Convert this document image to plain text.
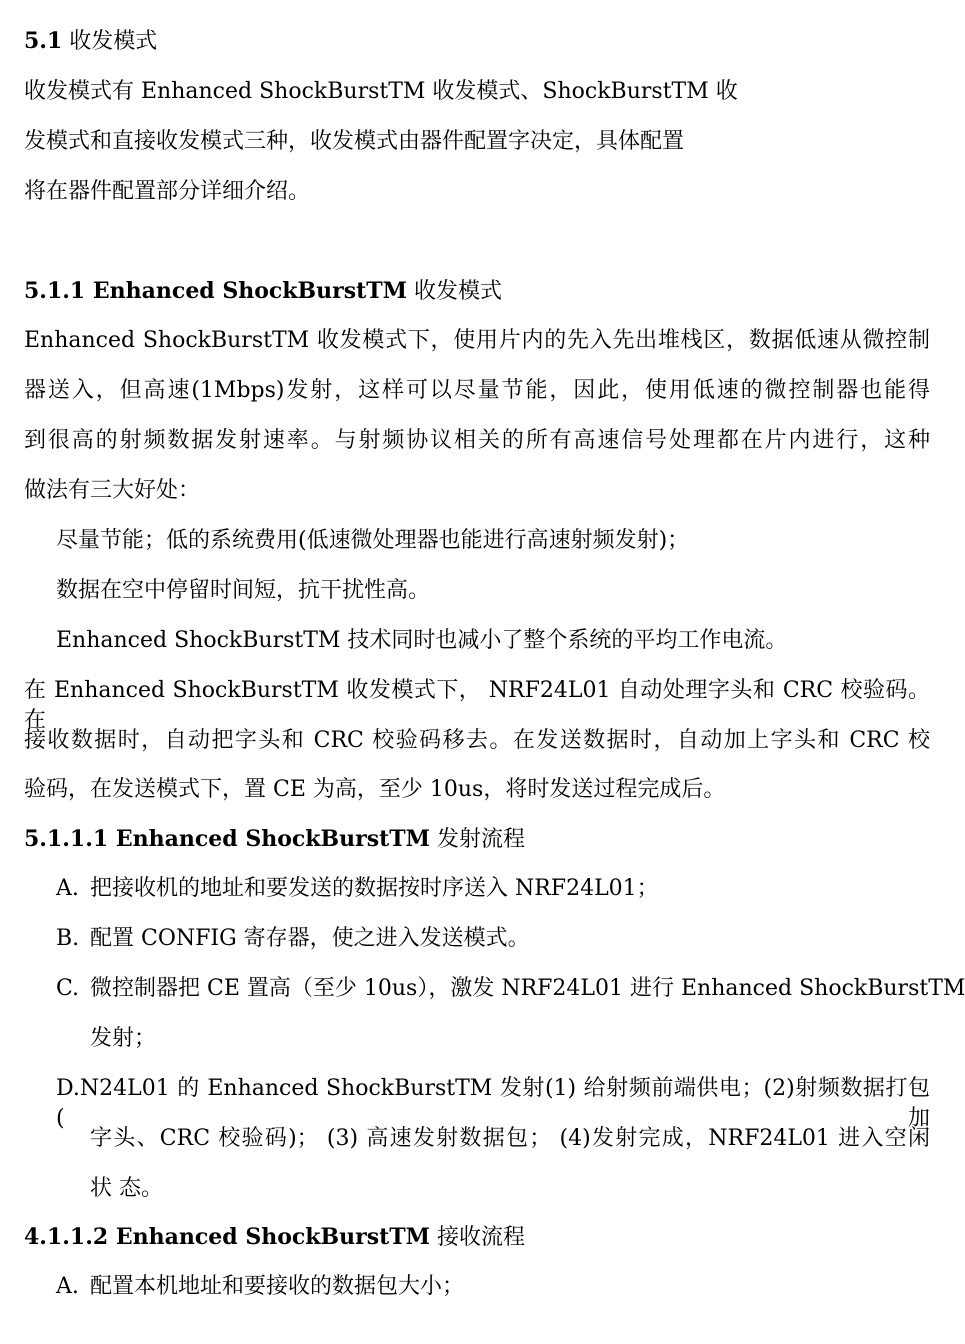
5.1 收发模式
收发模式有 Enhanced ShockBurstTM 收发模式、ShockBurstTM 收
发模式和直接收发模式三种，收发模式由器件配置字决定，具体配置
将在器件配置部分详细介绍。
5.1.1 Enhanced ShockBurstTM 收发模式
Enhanced ShockBurstTM 收发模式下，使用片内的先入先出堆栈区，数据低速从微控制
器送入，但高速(1Mbps)发射，这样可以尽量节能，因此，使用低速的微控制器也能得
到很高的射频数据发射速率。与射频协议相关的所有高速信号处理都在片内进行，这种
做法有三大好处：
尽量节能；低的系统费用(低速微处理器也能进行高速射频发射)；
数据在空中停留时间短，抗干扰性高。
Enhanced ShockBurstTM 技术同时也减小了整个系统的平均工作电流。
在 Enhanced ShockBurstTM 收发模式下， NRF24L01 自动处理字头和 CRC 校验码。在
接收数据时，自动把字头和 CRC 校验码移去。在发送数据时，自动加上字头和 CRC 校
验码，在发送模式下，置 CE 为高，至少 10us，将时发送过程完成后。
5.1.1.1 Enhanced ShockBurstTM 发射流程
A. 把接收机的地址和要发送的数据按时序送入 NRF24L01；
B. 配置 CONFIG 寄存器，使之进入发送模式。
C. 微控制器把 CE 置高（至少 10us），激发 NRF24L01 进行 Enhanced ShockBurstTM
发射；
D.N24L01 的 Enhanced ShockBurstTM 发射(1) 给射频前端供电；(2)射频数据打包(加
字头、CRC 校验码)； (3) 高速发射数据包； (4)发射完成，NRF24L01 进入空闲
状 态。
4.1.1.2 Enhanced ShockBurstTM 接收流程
A. 配置本机地址和要接收的数据包大小；
